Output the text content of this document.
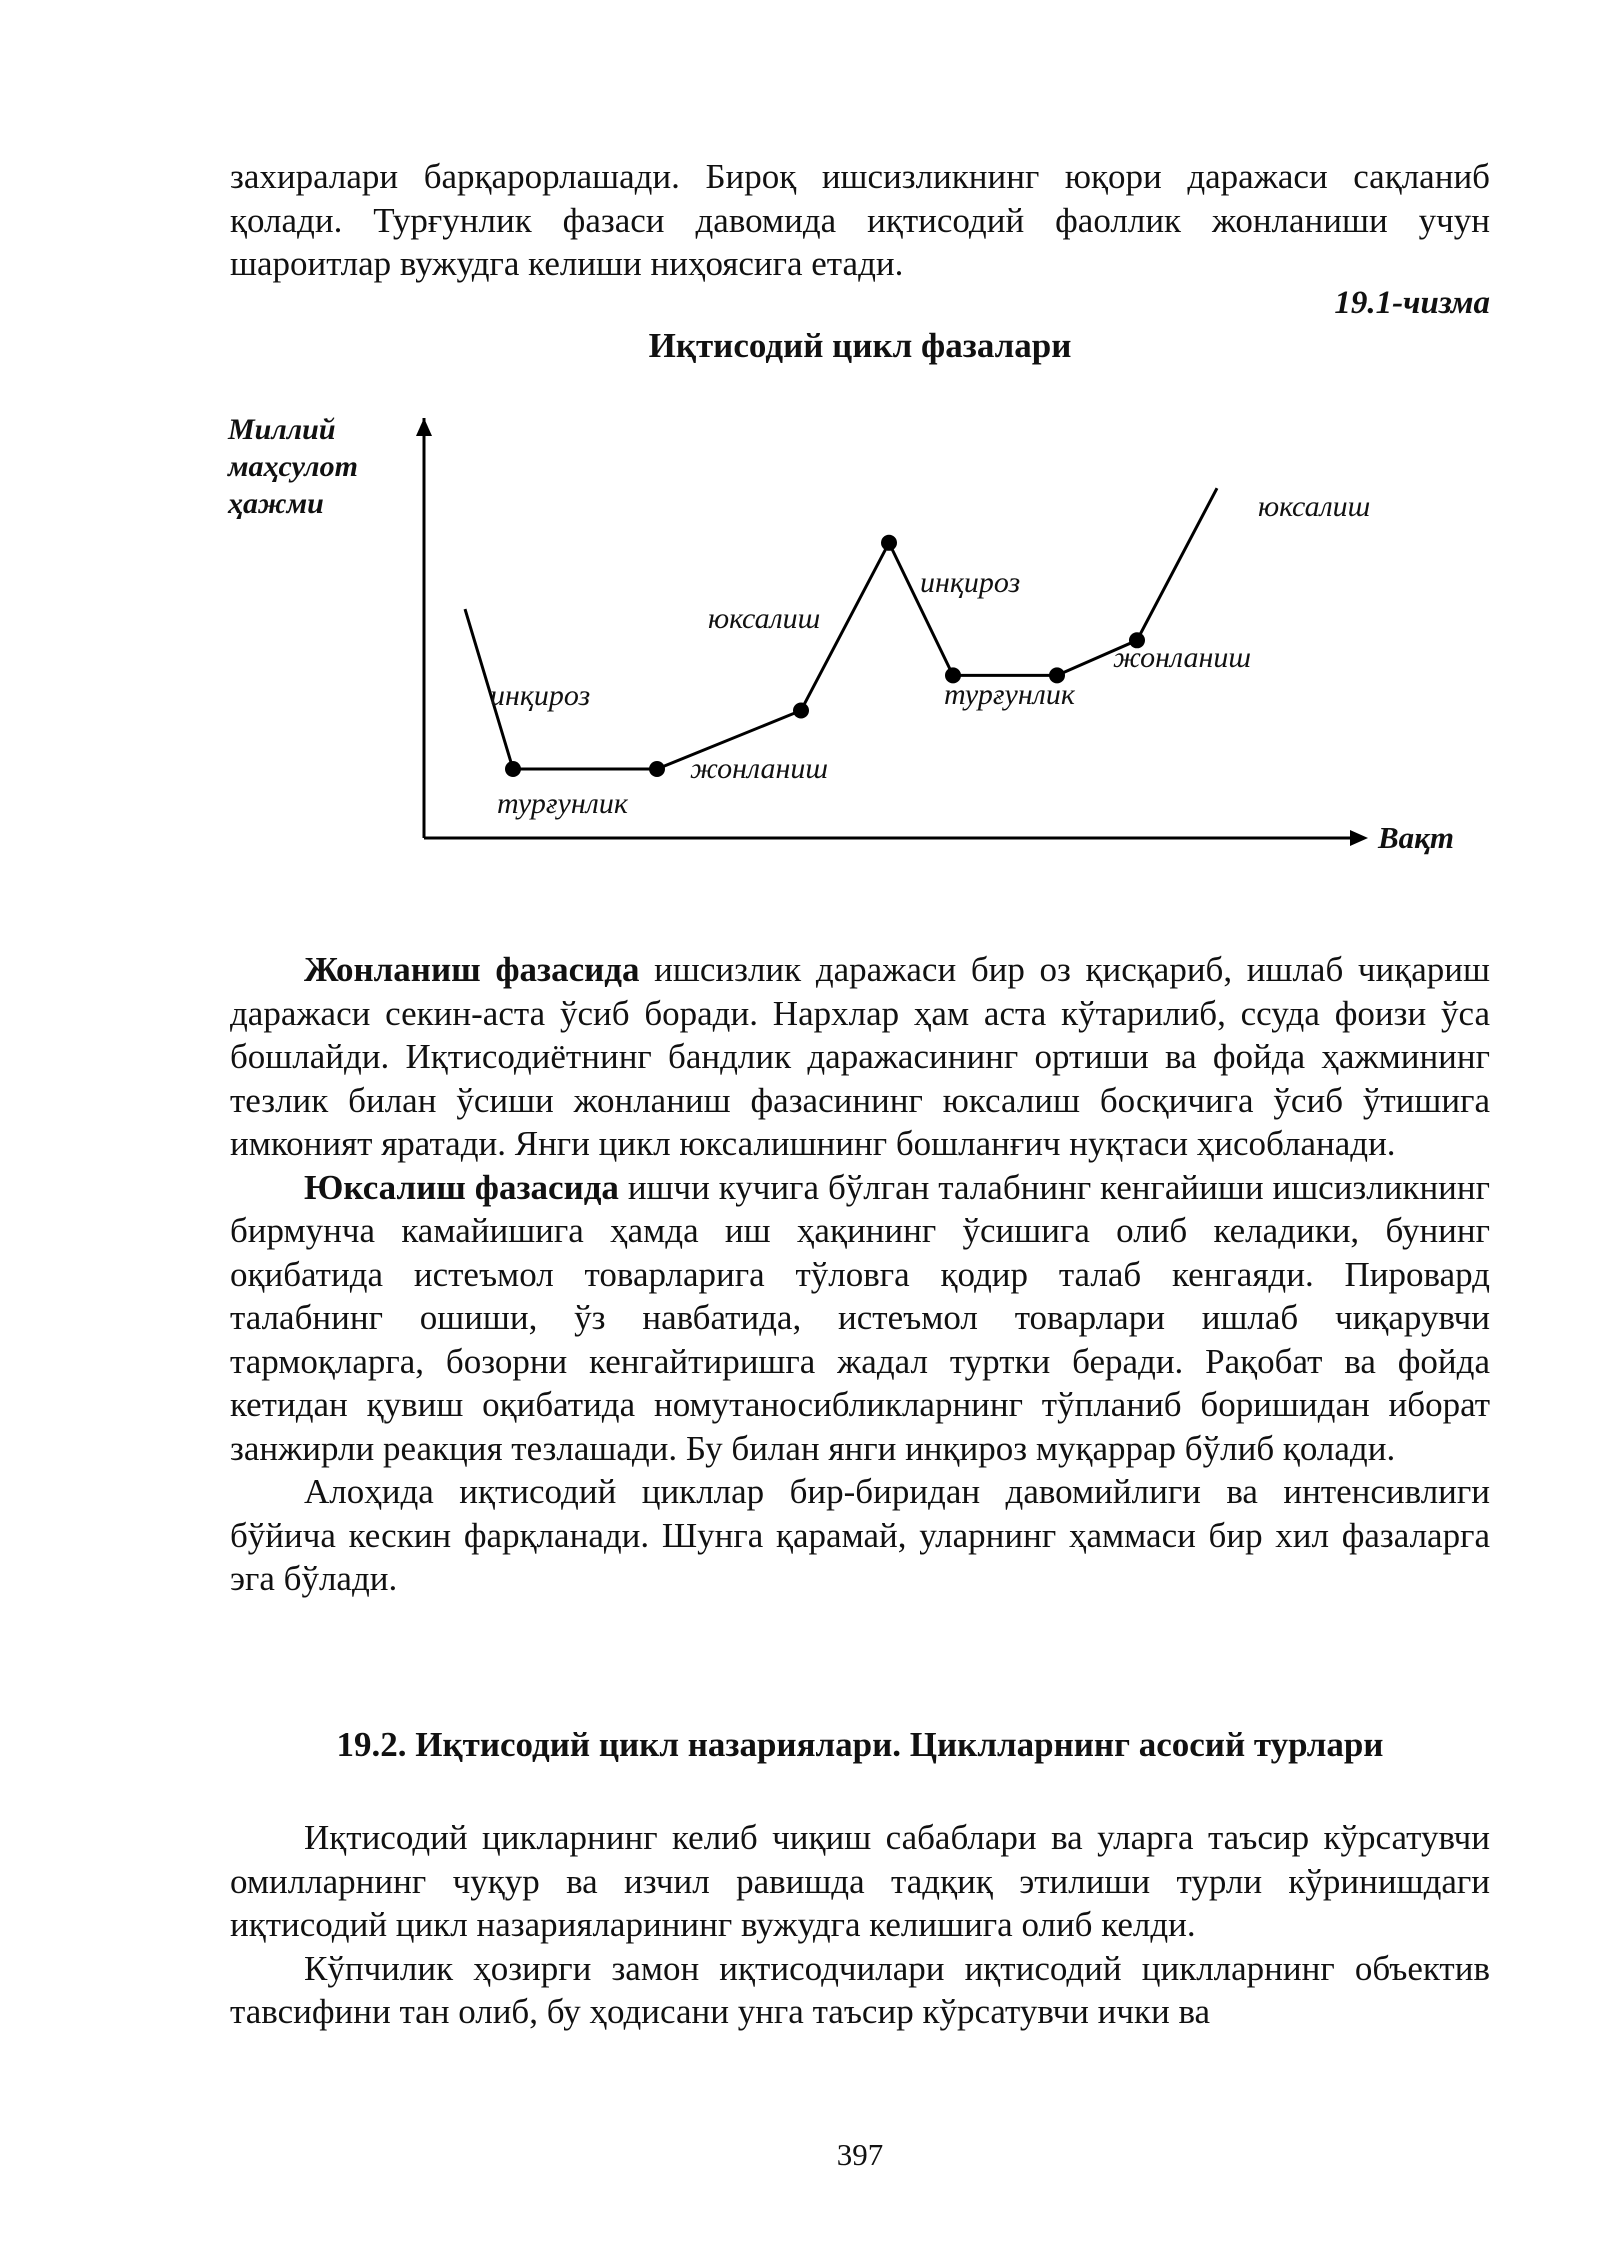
захиралари барқарорлашади. Бироқ ишсизликнинг юқори даражаси сақланиб қолади. Турғунлик фазаси давомида иқтисодий фаоллик жонланиши учун шароитлар вужудга келиши ниҳоясига етади.

19.1-чизма
Иқтисодий цикл фазалари
Миллий
маҳсулот
ҳажми
Вақт
инқироз
турғунлик
жонланиш
юксалиш
инқироз
турғунлик
жонланиш
юксалиш

Жонланиш фазасида ишсизлик даражаси бир оз қисқариб, ишлаб чиқариш даражаси секин-аста ўсиб боради. Нархлар ҳам аста кўтарилиб, ссуда фоизи ўса бошлайди. Иқтисодиётнинг бандлик даражасининг ортиши ва фойда ҳажмининг тезлик билан ўсиши жонланиш фазасининг юксалиш босқичига ўсиб ўтишига имконият яратади. Янги цикл юксалишнинг бошланғич нуқтаси ҳисобланади.

Юксалиш фазасида ишчи кучига бўлган талабнинг кенгайиши ишсизликнинг бирмунча камайишига ҳамда иш ҳақининг ўсишига олиб келадики, бунинг оқибатида истеъмол товарларига тўловга қодир талаб кенгаяди. Пировард талабнинг ошиши, ўз навбатида, истеъмол товарлари ишлаб чиқарувчи тармоқларга, бозорни кенгайтиришга жадал туртки беради. Рақобат ва фойда кетидан қувиш оқибатида номутаносибликларнинг тўпланиб боришидан иборат занжирли реакция тезлашади. Бу билан янги инқироз муқаррар бўлиб қолади.

Алоҳида иқтисодий цикллар бир-биридан давомийлиги ва интенсивлиги бўйича кескин фарқланади. Шунга қарамай, уларнинг ҳаммаси бир хил фазаларга эга бўлади.

19.2. Иқтисодий цикл назариялари. Циклларнинг асосий турлари

Иқтисодий цикларнинг келиб чиқиш сабаблари ва уларга таъсир кўрсатувчи омилларнинг чуқур ва изчил равишда тадқиқ этилиши турли кўринишдаги иқтисодий цикл назарияларининг вужудга келишига олиб келди.

Кўпчилик ҳозирги замон иқтисодчилари иқтисодий циклларнинг объектив тавсифини тан олиб, бу ҳодисани унга таъсир кўрсатувчи ички ва

397
